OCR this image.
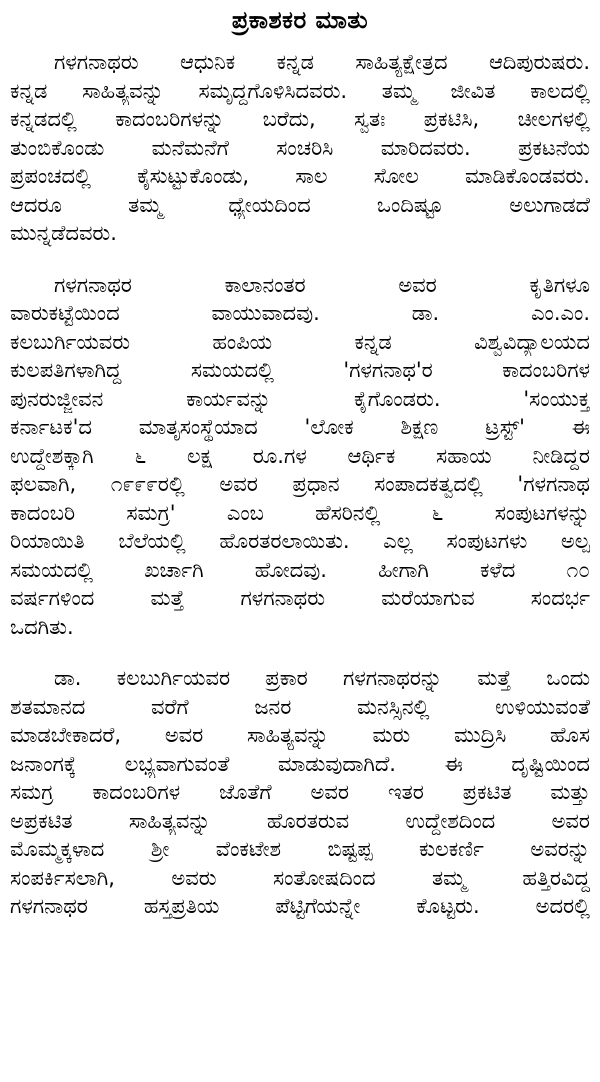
ಪ್ರಕಾಶಕರ ಮಾತು
ಗಳಗನಾಥರು ಆಧುನಿಕ ಕನ್ನಡ ಸಾಹಿತ್ಯಕ್ಷೇತ್ರದ ಆದಿಪುರುಷರು.
ಕನ್ನಡ ಸಾಹಿತ್ಯವನ್ನು ಸಮೃದ್ಧಗೊಳಿಸಿದವರು. ತಮ್ಮ ಜೀವಿತ ಕಾಲದಲ್ಲಿ
ಕನ್ನಡದಲ್ಲಿ ಕಾದಂಬರಿಗಳನ್ನು ಬರೆದು, ಸ್ವತಃ ಪ್ರಕಟಿಸಿ, ಚೀಲಗಳಲ್ಲಿ
ತುಂಬಿಕೊಂಡು ಮನೆಮನೆಗೆ ಸಂಚರಿಸಿ ಮಾರಿದವರು. ಪ್ರಕಟನೆಯ
ಪ್ರಪಂಚದಲ್ಲಿ ಕೈಸುಟ್ಟುಕೊಂಡು, ಸಾಲ ಸೋಲ ಮಾಡಿಕೊಂಡವರು.
ಆದರೂ ತಮ್ಮ ಧ್ಯೇಯದಿಂದ ಒಂದಿಷ್ಟೂ ಅಲುಗಾಡದೆ
ಮುನ್ನಡೆದವರು.
ಗಳಗನಾಥರ ಕಾಲಾನಂತರ ಅವರ ಕೃತಿಗಳೂ
ವಾರುಕಟ್ಟೆಯಿಂದ ವಾಯುವಾದವು. ಡಾ. ಎಂ.ಎಂ.
ಕಲಬುರ್ಗಿಯವರು ಹಂಪಿಯ ಕನ್ನಡ ವಿಶ್ವವಿದ್ಯಾಲಯದ
ಕುಲಪತಿಗಳಾಗಿದ್ದ ಸಮಯದಲ್ಲಿ 'ಗಳಗನಾಥ'ರ ಕಾದಂಬರಿಗಳ
ಪುನರುಜ್ಜೀವನ ಕಾರ್ಯವನ್ನು ಕೈಗೊಂಡರು. 'ಸಂಯುಕ್ತ
ಕರ್ನಾಟಕ'ದ ಮಾತೃಸಂಸ್ಥೆಯಾದ 'ಲೋಕ ಶಿಕ್ಷಣ ಟ್ರಸ್ಟ್' ಈ
ಉದ್ದೇಶಕ್ಕಾಗಿ ೬ ಲಕ್ಷ ರೂ.ಗಳ ಆರ್ಥಿಕ ಸಹಾಯ ನೀಡಿದ್ದರ
ಫಲವಾಗಿ, ೧೯೯೯ರಲ್ಲಿ ಅವರ ಪ್ರಧಾನ ಸಂಪಾದಕತ್ವದಲ್ಲಿ 'ಗಳಗನಾಥ
ಕಾದಂಬರಿ ಸಮಗ್ರ' ಎಂಬ ಹೆಸರಿನಲ್ಲಿ ೬ ಸಂಪುಟಗಳನ್ನು
ರಿಯಾಯಿತಿ ಬೆಲೆಯಲ್ಲಿ ಹೊರತರಲಾಯಿತು. ಎಲ್ಲ ಸಂಪುಟಗಳು ಅಲ್ಪ
ಸಮಯದಲ್ಲಿ ಖರ್ಚಾಗಿ ಹೋದವು. ಹೀಗಾಗಿ ಕಳೆದ ೧೦
ವರ್ಷಗಳಿಂದ ಮತ್ತೆ ಗಳಗನಾಥರು ಮರೆಯಾಗುವ ಸಂದರ್ಭ
ಒದಗಿತು.
ಡಾ. ಕಲಬುರ್ಗಿಯವರ ಪ್ರಕಾರ ಗಳಗನಾಥರನ್ನು ಮತ್ತೆ ಒಂದು
ಶತಮಾನದ ವರೆಗೆ ಜನರ ಮನಸ್ಸಿನಲ್ಲಿ ಉಳಿಯುವಂತೆ
ಮಾಡಬೇಕಾದರೆ, ಅವರ ಸಾಹಿತ್ಯವನ್ನು ಮರು ಮುದ್ರಿಸಿ ಹೊಸ
ಜನಾಂಗಕ್ಕೆ ಲಭ್ಯವಾಗುವಂತೆ ಮಾಡುವುದಾಗಿದೆ. ಈ ದೃಷ್ಟಿಯಿಂದ
ಸಮಗ್ರ ಕಾದಂಬರಿಗಳ ಜೊತೆಗೆ ಅವರ ಇತರ ಪ್ರಕಟಿತ ಮತ್ತು
ಅಪ್ರಕಟಿತ ಸಾಹಿತ್ಯವನ್ನು ಹೊರತರುವ ಉದ್ದೇಶದಿಂದ ಅವರ
ಮೊಮ್ಮಕ್ಕಳಾದ ಶ್ರೀ ವೆಂಕಟೇಶ ಬಿಷ್ಟಪ್ಪ ಕುಲಕರ್ಣಿ ಅವರನ್ನು
ಸಂಪರ್ಕಿಸಲಾಗಿ, ಅವರು ಸಂತೋಷದಿಂದ ತಮ್ಮ ಹತ್ತಿರವಿದ್ದ
ಗಳಗನಾಥರ ಹಸ್ತಪ್ರತಿಯ ಪೆಟ್ಟಿಗೆಯನ್ನೇ ಕೊಟ್ಟರು. ಅದರಲ್ಲಿ
